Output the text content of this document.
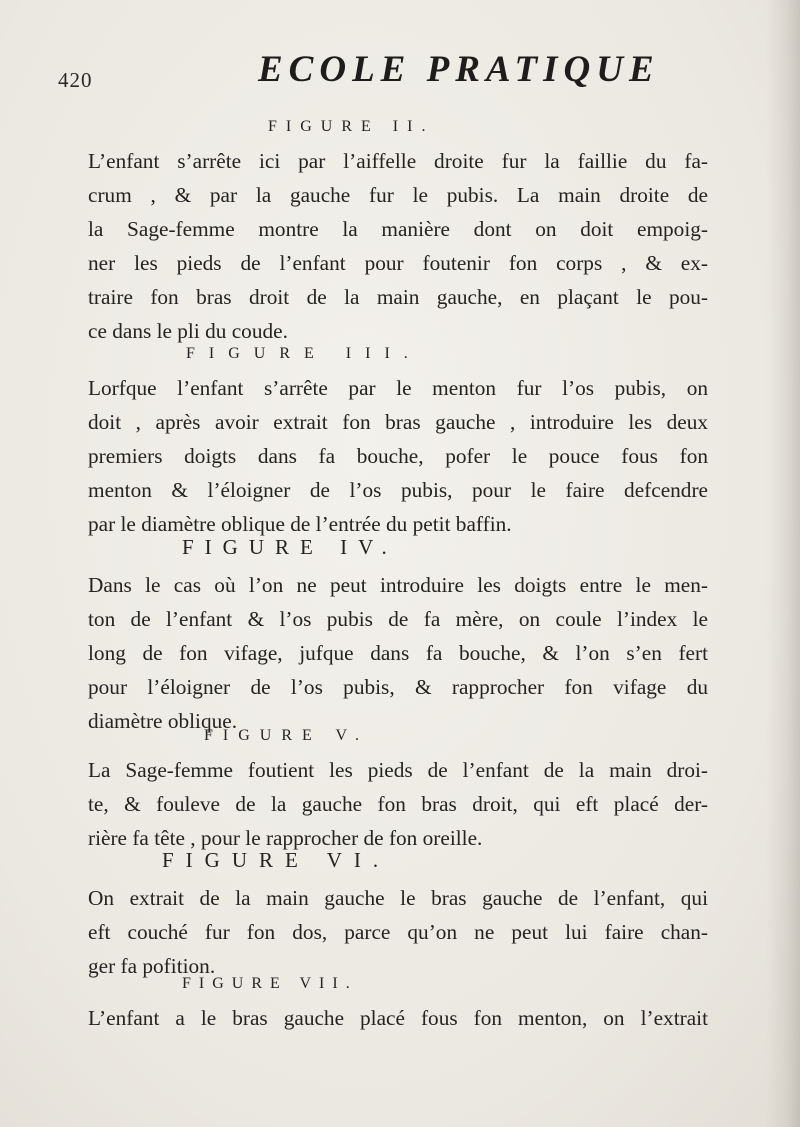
420	ECOLE PRATIQUE
FIGURE II.
L’enfant s’arrête ici par l’aiffelle droite fur la faillie du fa-
crum , & par la gauche fur le pubis. La main droite de
la Sage-femme montre la manière dont on doit empoig-
ner les pieds de l’enfant pour foutenir fon corps , & ex-
traire fon bras droit de la main gauche, en plaçant le pou-
ce dans le pli du coude.
FIGURE III.
Lorfque l’enfant s’arrête par le menton fur l’os pubis, on
doit , après avoir extrait fon bras gauche , introduire les deux
premiers doigts dans fa bouche, pofer le pouce fous fon
menton & l’éloigner de l’os pubis, pour le faire defcendre
par le diamètre oblique de l’entrée du petit baffin.
FIGURE IV.
Dans le cas où l’on ne peut introduire les doigts entre le men-
ton de l’enfant & l’os pubis de fa mère, on coule l’index le
long de fon vifage, jufque dans fa bouche, & l’on s’en fert
pour l’éloigner de l’os pubis, & rapprocher fon vifage du
diamètre oblique.
FIGURE V.
La Sage-femme foutient les pieds de l’enfant de la main droi-
te, & fouleve de la gauche fon bras droit, qui eft placé der-
rière fa tête , pour le rapprocher de fon oreille.
FIGURE VI.
On extrait de la main gauche le bras gauche de l’enfant, qui
eft couché fur fon dos, parce qu’on ne peut lui faire chan-
ger fa pofition.
FIGURE VII.
L’enfant a le bras gauche placé fous fon menton, on l’extrait
